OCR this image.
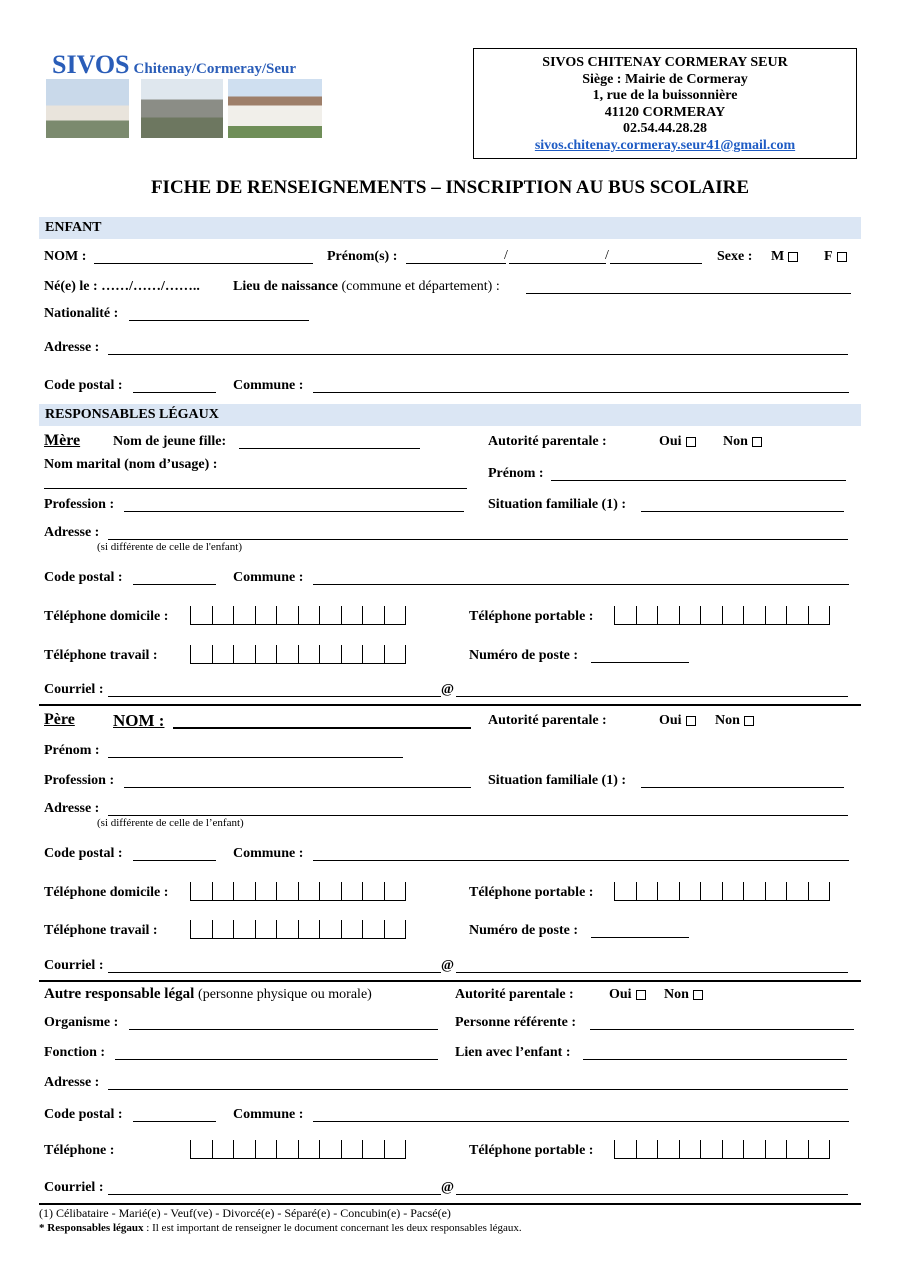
SIVOS Chitenay/Cormeray/Seur	SIVOS CHITENAY CORMERAY SEUR
Siège : Mairie de Cormeray
1, rue de la buissonnière
41120 CORMERAY
02.54.44.28.28
sivos.chitenay.cormeray.seur41@gmail.com
FICHE DE RENSEIGNEMENTS – INSCRIPTION AU BUS SCOLAIRE
ENFANT
NOM :	Prénom(s) :	/	/	Sexe : M	F
Né(e) le : ……/……/…….. Lieu de naissance (commune et département) :
Nationalité :
Adresse :
Code postal :	Commune :
RESPONSABLES LÉGAUX
Mère Nom de jeune fille:	Autorité parentale :	Oui	Non
Nom marital (nom d’usage) :
Prénom :
Profession :	Situation familiale (1) :
Adresse :
(si différente de celle de l'enfant)
Code postal :	Commune :
Téléphone domicile :	Téléphone portable :
Téléphone travail :	Numéro de poste :
Courriel :	@
Père NOM :	Autorité parentale :	Oui	Non
Prénom :
Profession :	Situation familiale (1) :
Adresse :
(si différente de celle de l’enfant)
Code postal :	Commune :
Téléphone domicile :	Téléphone portable :
Téléphone travail :	Numéro de poste :
Courriel :	@
Autre responsable légal (personne physique ou morale)	Autorité parentale :	Oui	Non
Organisme :	Personne référente :
Fonction :	Lien avec l’enfant :
Adresse :
Code postal :	Commune :
Téléphone :	Téléphone portable :
Courriel :	@
(1) Célibataire - Marié(e) - Veuf(ve) - Divorcé(e) - Séparé(e) - Concubin(e) - Pacsé(e)
* Responsables légaux : Il est important de renseigner le document concernant les deux responsables légaux.
